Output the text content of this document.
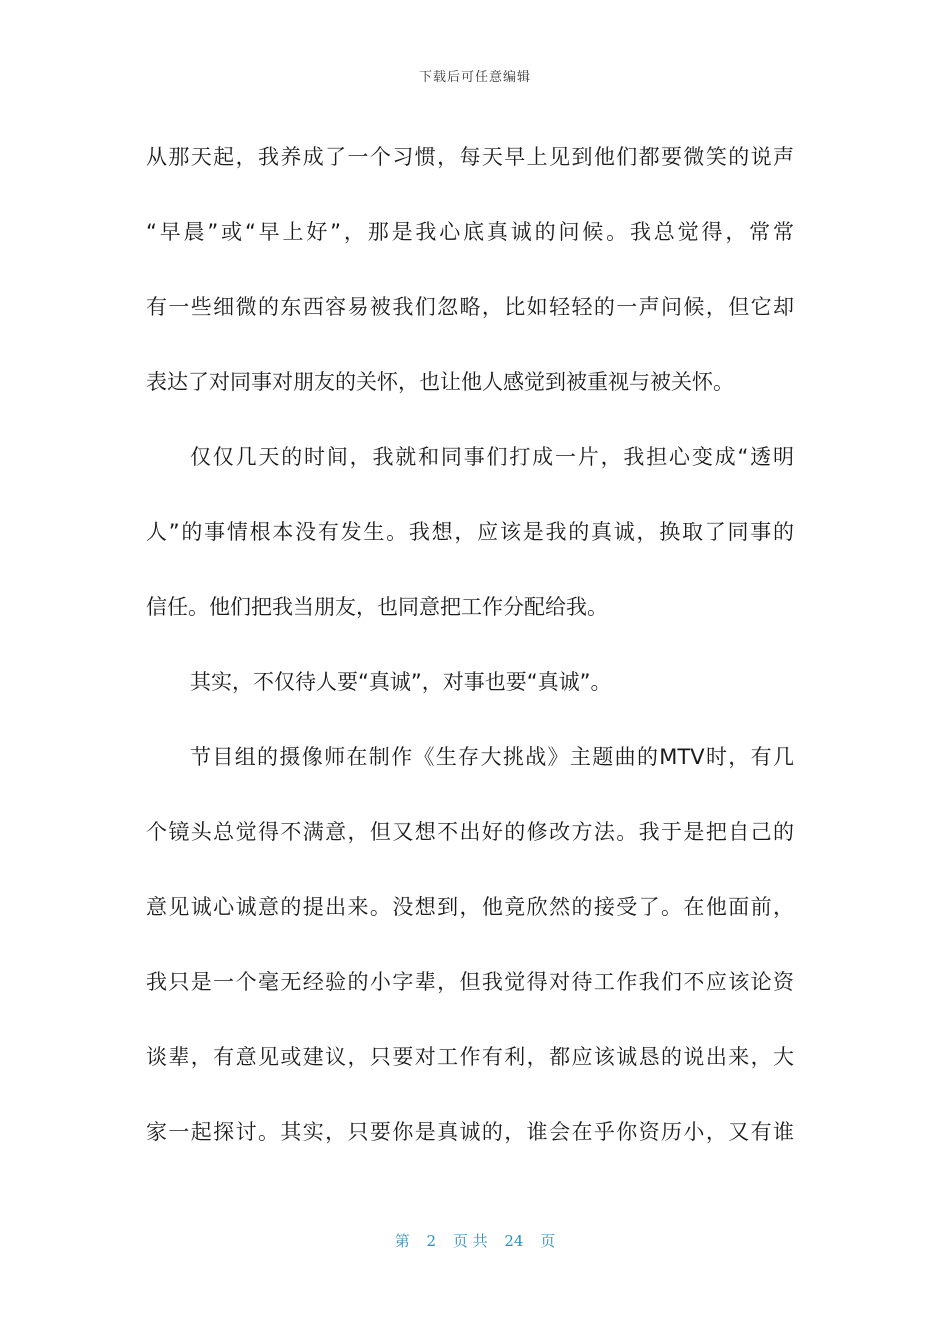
下载后可任意编辑
从那天起，我养成了一个习惯，每天早上见到他们都要微笑的说声
“早晨”或“早上好”，那是我心底真诚的问候。我总觉得，常常
有一些细微的东西容易被我们忽略，比如轻轻的一声问候，但它却
表达了对同事对朋友的关怀，也让他人感觉到被重视与被关怀。
仅仅几天的时间，我就和同事们打成一片，我担心变成“透明
人”的事情根本没有发生。我想，应该是我的真诚，换取了同事的
信任。他们把我当朋友，也同意把工作分配给我。
其实，不仅待人要“真诚”，对事也要“真诚”。
节目组的摄像师在制作《生存大挑战》主题曲的MTV时，有几
个镜头总觉得不满意，但又想不出好的修改方法。我于是把自己的
意见诚心诚意的提出来。没想到，他竟欣然的接受了。在他面前，
我只是一个毫无经验的小字辈，但我觉得对待工作我们不应该论资
谈辈，有意见或建议，只要对工作有利，都应该诚恳的说出来，大
家一起探讨。其实，只要你是真诚的，谁会在乎你资历小，又有谁
第 2 页 共 24 页
